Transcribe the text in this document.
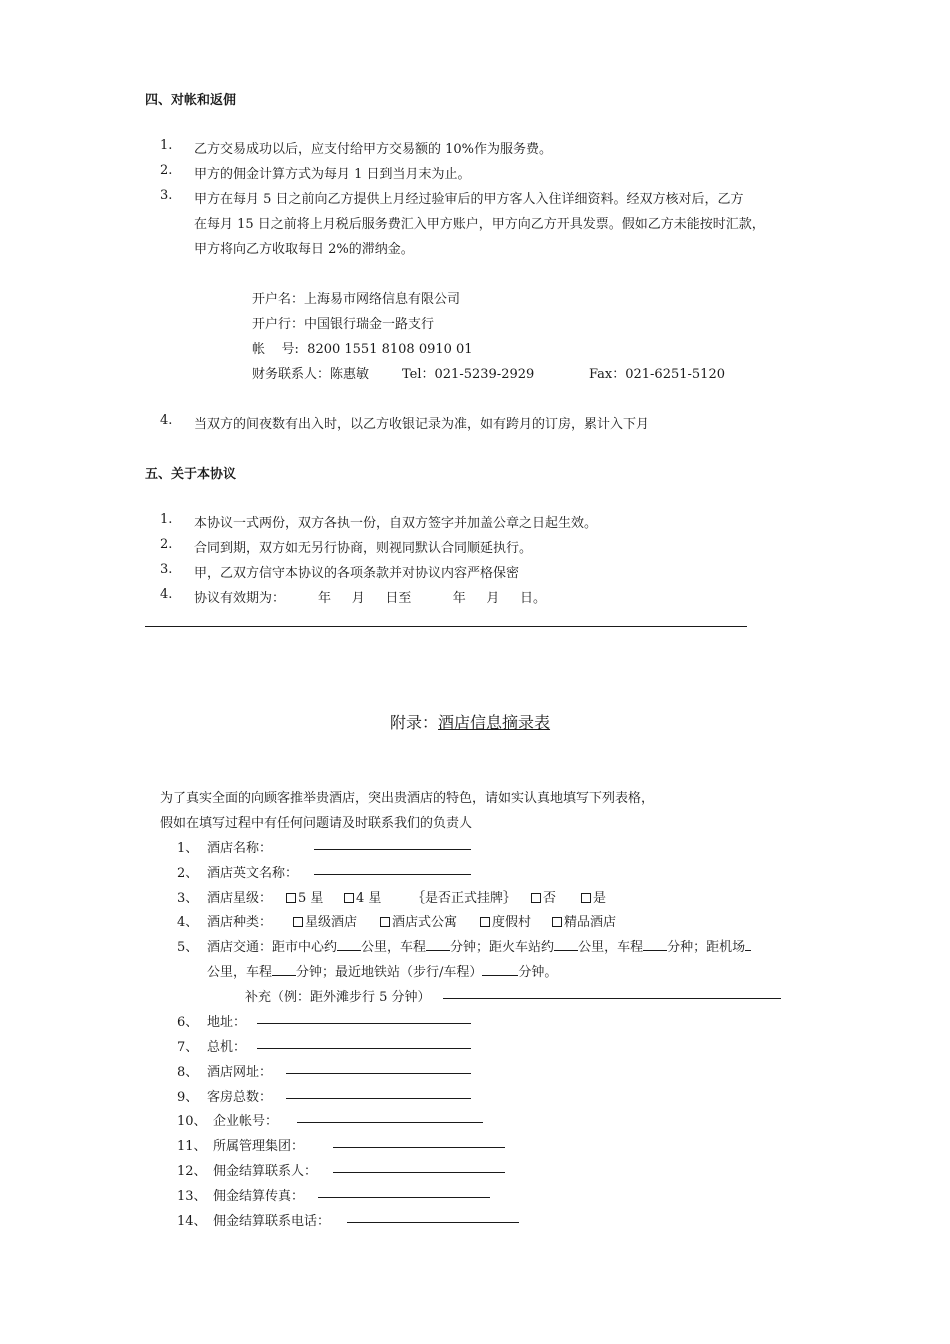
四、对帐和返佣
1. 乙方交易成功以后，应支付给甲方交易额的 10%作为服务费。
2. 甲方的佣金计算方式为每月 1 日到当月末为止。
3. 甲方在每月 5 日之前向乙方提供上月经过验审后的甲方客人入住详细资料。经双方核对后，乙方
在每月 15 日之前将上月税后服务费汇入甲方账户，甲方向乙方开具发票。假如乙方未能按时汇款，
甲方将向乙方收取每日 2%的滞纳金。
开户名：上海易市网络信息有限公司
开户行：中国银行瑞金一路支行
帐    号:  8200 1551 8108 0910 01
财务联系人：陈惠敏	Tel：021-5239-2929	Fax：021-6251-5120
4. 当双方的间夜数有出入时，以乙方收银记录为准，如有跨月的订房，累计入下月
五、关于本协议
1. 本协议一式两份，双方各执一份，自双方签字并加盖公章之日起生效。
2. 合同到期，双方如无另行协商，则视同默认合同顺延执行。
3. 甲，乙双方信守本协议的各项条款并对协议内容严格保密
4. 协议有效期为：        年     月     日至          年     月     日。
附录：酒店信息摘录表
为了真实全面的向顾客推举贵酒店，突出贵酒店的特色，请如实认真地填写下列表格，
假如在填写过程中有任何问题请及时联系我们的负责人
1、 酒店名称：
2、 酒店英文名称：
3、 酒店星级：	5 星	4 星 ｛是否正式挂牌｝	否	是
4、 酒店种类：	星级酒店	酒店式公寓	度假村	精品酒店
5、 酒店交通：距市中心约 公里，车程 分钟；距火车站约 公里，车程 分种；距机场
公里，车程 分钟；最近地铁站（步行/车程）	分钟。
补充（例：距外滩步行 5 分钟）
6、 地址：
7、 总机：
8、 酒店网址：
9、 客房总数：
10、 企业帐号：
11、 所属管理集团：
12、 佣金结算联系人：
13、 佣金结算传真：
14、 佣金结算联系电话：
